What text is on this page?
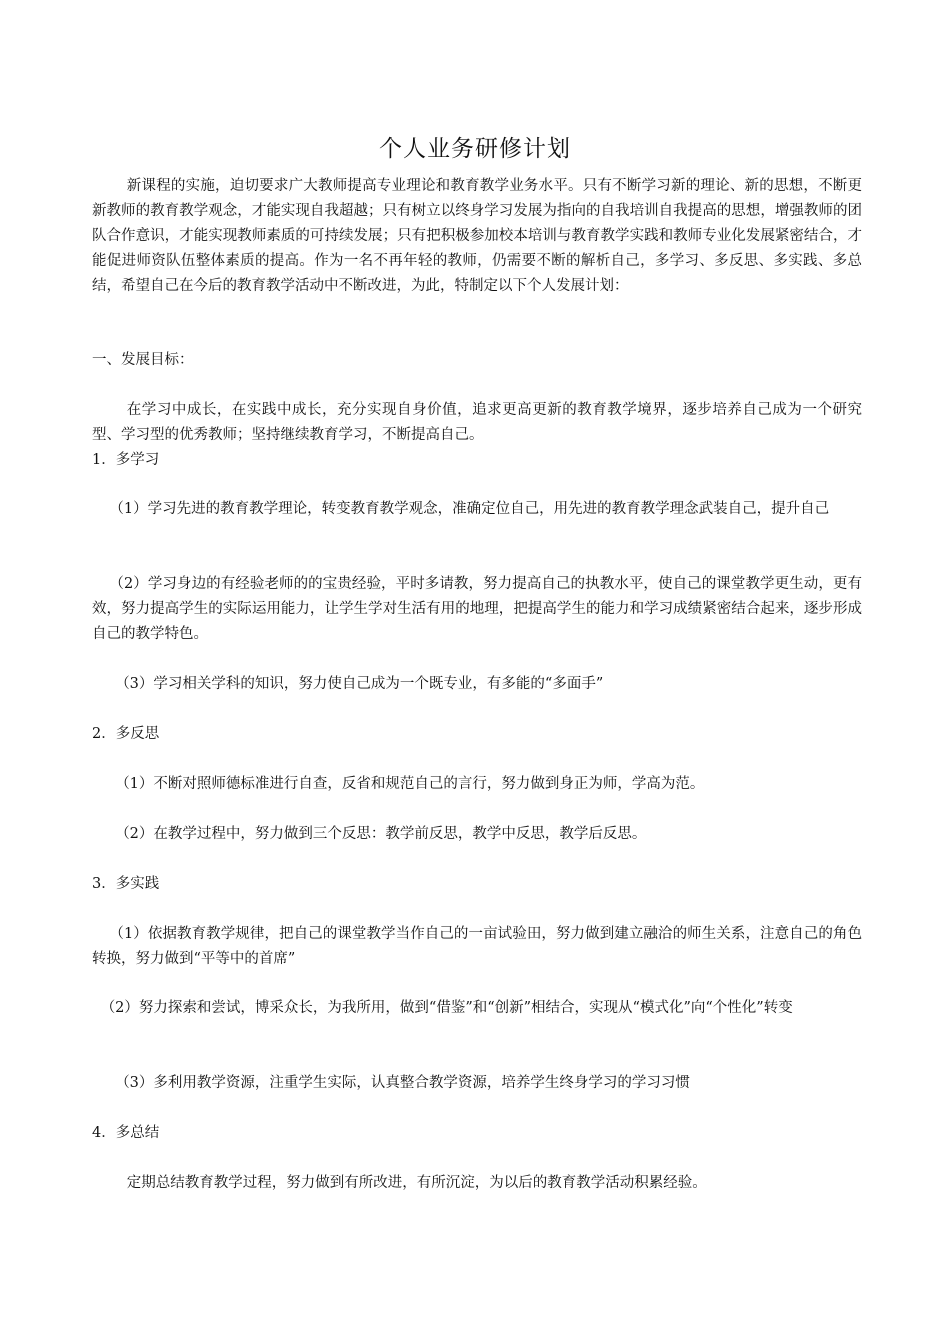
个人业务研修计划

新课程的实施，迫切要求广大教师提高专业理论和教育教学业务水平。只有不断学习新的理论、新的思想，不断更新教师的教育教学观念，才能实现自我超越；只有树立以终身学习发展为指向的自我培训自我提高的思想，增强教师的团队合作意识，才能实现教师素质的可持续发展；只有把积极参加校本培训与教育教学实践和教师专业化发展紧密结合，才能促进师资队伍整体素质的提高。作为一名不再年轻的教师，仍需要不断的解析自己，多学习、多反思、多实践、多总结，希望自己在今后的教育教学活动中不断改进，为此，特制定以下个人发展计划：

一、发展目标：

在学习中成长，在实践中成长，充分实现自身价值，追求更高更新的教育教学境界，逐步培养自己成为一个研究型、学习型的优秀教师；坚持继续教育学习，不断提高自己。

1．多学习

（1）学习先进的教育教学理论，转变教育教学观念，准确定位自己，用先进的教育教学理念武装自己，提升自己

（2）学习身边的有经验老师的的宝贵经验，平时多请教，努力提高自己的执教水平，使自己的课堂教学更生动，更有效，努力提高学生的实际运用能力，让学生学对生活有用的地理，把提高学生的能力和学习成绩紧密结合起来，逐步形成自己的教学特色。

（3）学习相关学科的知识，努力使自己成为一个既专业，有多能的“多面手”

2．多反思

（1）不断对照师德标准进行自查，反省和规范自己的言行，努力做到身正为师，学高为范。

（2）在教学过程中，努力做到三个反思：教学前反思，教学中反思，教学后反思。

3．多实践

（1）依据教育教学规律，把自己的课堂教学当作自己的一亩试验田，努力做到建立融洽的师生关系，注意自己的角色转换，努力做到“平等中的首席”

（2）努力探索和尝试，博采众长，为我所用，做到“借鉴”和“创新”相结合，实现从“模式化”向“个性化”转变

（3）多利用教学资源，注重学生实际，认真整合教学资源，培养学生终身学习的学习习惯

4．多总结

定期总结教育教学过程，努力做到有所改进，有所沉淀，为以后的教育教学活动积累经验。
